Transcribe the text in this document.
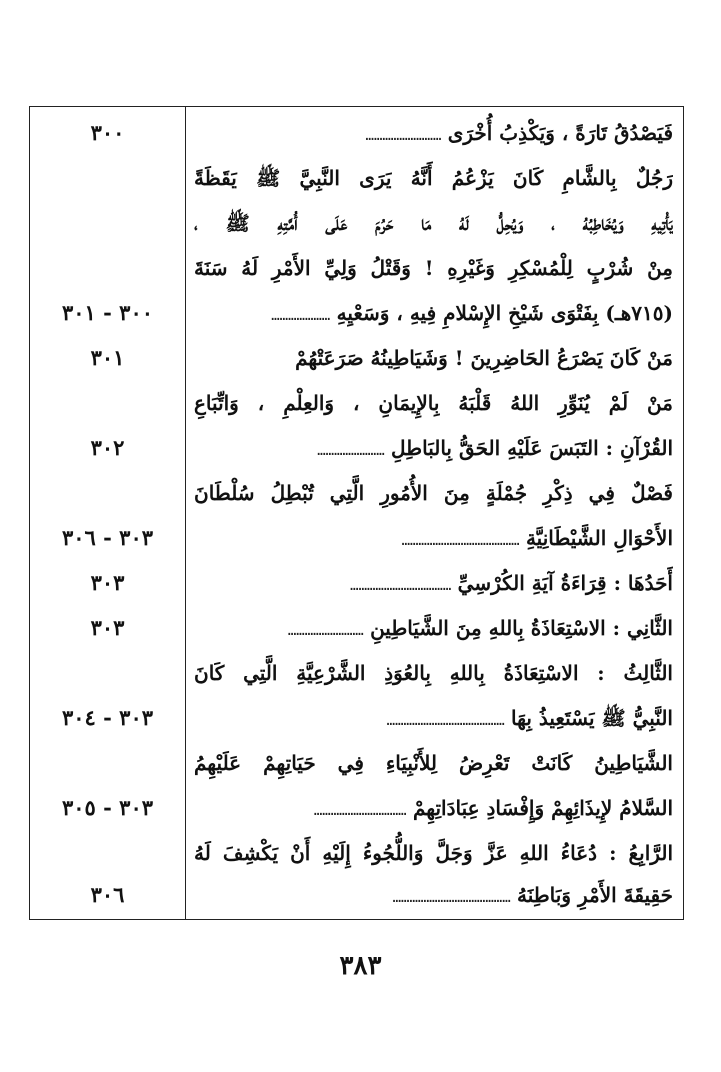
فَيَصْدُقُ تَارَةً ، وَيَكْذِبُ أُخْرَى ………………………
٣٠٠
رَجُلٌ بِالشَّامِ كَانَ يَزْعُمُ أَنَّهُ يَرَى النَّبِيَّ ﷺ يَقَظَةً
يَأْتِيهِ وَيُخَاطِبُهُ ، وَيُحِلُّ لَهُ مَا حَرُمَ عَلَى أُمَّتِهِ ﷺ ،
مِنْ شُرْبٍ لِلْمُسْكِرِ وَغَيْرِهِ ! وَقَتْلُ وَلِيِّ الأَمْرِ لَهُ سَنَةَ
(٧١٥هـ) بِفَتْوَى شَيْخِ الإِسْلامِ فِيهِ ، وَسَعْيِهِ …………………
٣٠٠ - ٣٠١
مَنْ كَانَ يَصْرَعُ الحَاضِرِينَ ! وَشَيَاطِينُهُ صَرَعَتْهُمْ
٣٠١
مَنْ لَمْ يُنَوِّرِ اللهُ قَلْبَهُ بِالإِيمَانِ ، وَالعِلْمِ ، وَاتِّبَاعِ
القُرْآنِ : التَبَسَ عَلَيْهِ الحَقُّ بِالبَاطِلِ ……………………
٣٠٢
فَصْلٌ فِي ذِكْرِ جُمْلَةٍ مِنَ الأُمُورِ الَّتِي تُبْطِلُ سُلْطَانَ
الأَحْوَالِ الشَّيْطَانِيَّةِ ……………………………………
٣٠٣ - ٣٠٦
أَحَدُهَا : قِرَاءَةُ آيَةِ الكُرْسِيِّ ………………………………
٣٠٣
الثَّانِي : الاسْتِعَاذَةُ بِاللهِ مِنَ الشَّيَاطِينِ ………………………
٣٠٣
الثَّالِثُ : الاسْتِعَاذَةُ بِاللهِ بِالعُوَذِ الشَّرْعِيَّةِ الَّتِي كَانَ
النَّبِيُّ ﷺ يَسْتَعِيذُ بِهَا ……………………………………
٣٠٣ - ٣٠٤
الشَّيَاطِينُ كَانَتْ تَعْرِضُ لِلأَنْبِيَاءِ فِي حَيَاتِهِمْ عَلَيْهِمُ
السَّلامُ لإِيذَائِهِمْ وَإِفْسَادِ عِبَادَاتِهِمْ ……………………………
٣٠٣ - ٣٠٥
الرَّابِعُ : دُعَاءُ اللهِ عَزَّ وَجَلَّ وَاللُّجُوءُ إِلَيْهِ أَنْ يَكْشِفَ لَهُ
حَقِيقَةَ الأَمْرِ وَبَاطِنَهُ ……………………………………
٣٠٦
٣٨٣
